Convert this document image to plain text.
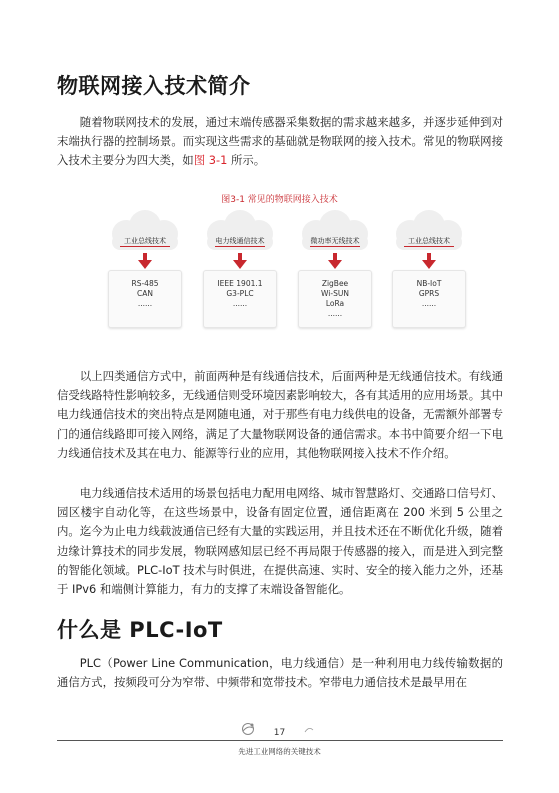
物联网接入技术简介

随着物联网技术的发展，通过末端传感器采集数据的需求越来越多，并逐步延伸到对末端执行器的控制场景。而实现这些需求的基础就是物联网的接入技术。常见的物联网接入技术主要分为四大类，如图 3-1 所示。

图3-1 常见的物联网接入技术
工业总线技术
RS-485
CAN
......
电力线通信技术
IEEE 1901.1
G3-PLC
......
微功率无线技术
ZigBee
Wi-SUN
LoRa
......
工业总线技术
NB-IoT
GPRS
......

以上四类通信方式中，前面两种是有线通信技术，后面两种是无线通信技术。有线通信受线路特性影响较多，无线通信则受环境因素影响较大，各有其适用的应用场景。其中电力线通信技术的突出特点是网随电通，对于那些有电力线供电的设备，无需额外部署专门的通信线路即可接入网络，满足了大量物联网设备的通信需求。本书中简要介绍一下电力线通信技术及其在电力、能源等行业的应用，其他物联网接入技术不作介绍。

电力线通信技术适用的场景包括电力配用电网络、城市智慧路灯、交通路口信号灯、园区楼宇自动化等，在这些场景中，设备有固定位置，通信距离在 200 米到 5 公里之内。迄今为止电力线载波通信已经有大量的实践运用，并且技术还在不断优化升级，随着边缘计算技术的同步发展，物联网感知层已经不再局限于传感器的接入，而是进入到完整的智能化领域。PLC-IoT 技术与时俱进，在提供高速、实时、安全的接入能力之外，还基于 IPv6 和端侧计算能力，有力的支撑了末端设备智能化。

什么是 PLC-IoT

PLC（Power Line Communication，电力线通信）是一种利用电力线传输数据的通信方式，按频段可分为窄带、中频带和宽带技术。窄带电力通信技术是最早用在

17
先进工业网络的关键技术
